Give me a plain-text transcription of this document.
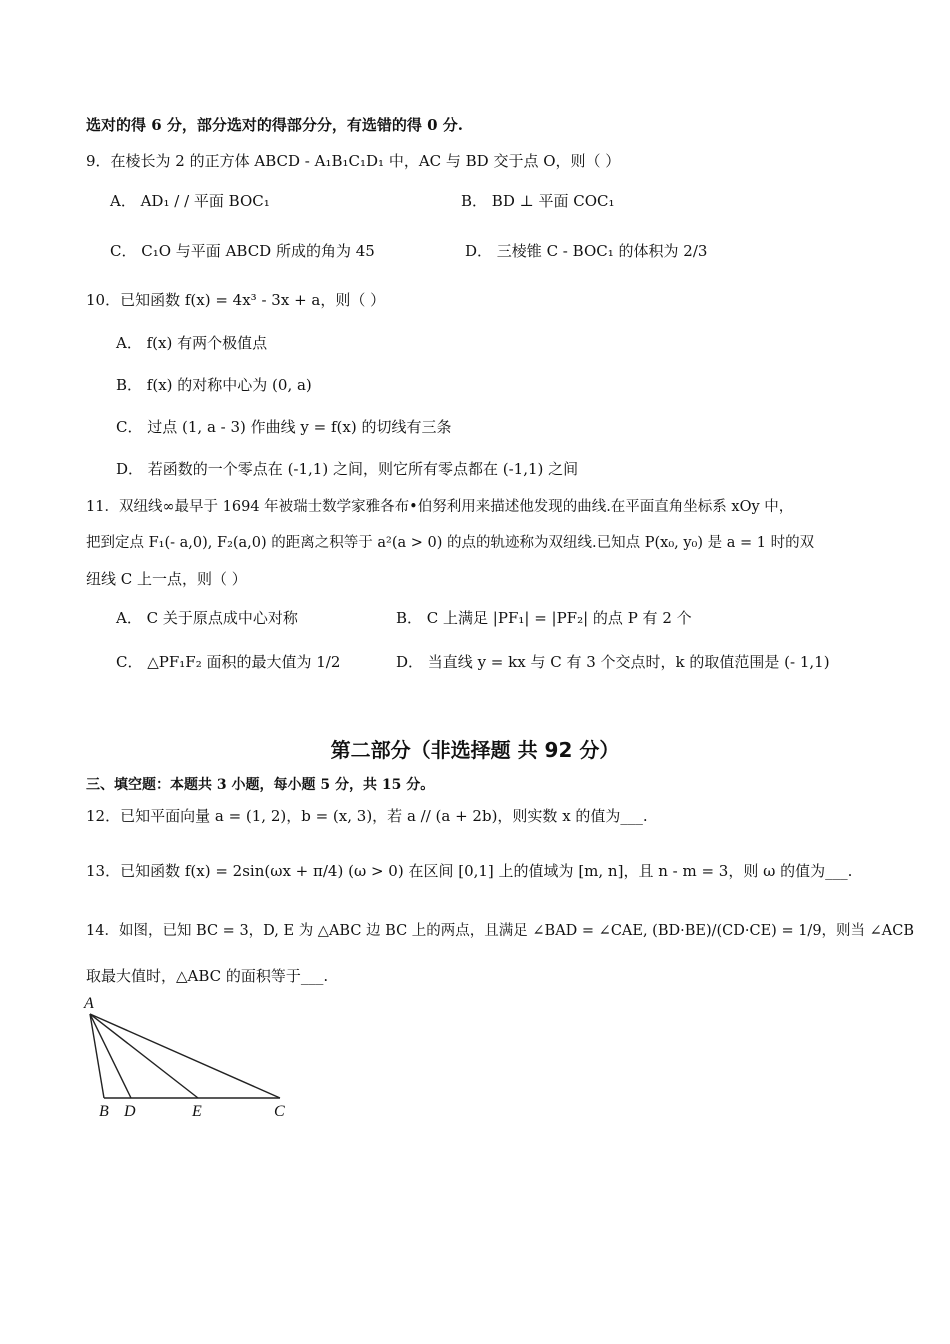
选对的得 6 分，部分选对的得部分分，有选错的得 0 分.
9．在棱长为 2 的正方体 ABCD - A₁B₁C₁D₁ 中，AC 与 BD 交于点 O，则（ ）
A． AD₁ / / 平面 BOC₁	B． BD ⊥ 平面 COC₁
C． C₁O 与平面 ABCD 所成的角为 45	D． 三棱锥 C - BOC₁ 的体积为 2/3
10．已知函数 f(x) = 4x³ - 3x + a，则（ ）
A． f(x) 有两个极值点
B． f(x) 的对称中心为 (0, a)
C． 过点 (1, a - 3) 作曲线 y = f(x) 的切线有三条
D． 若函数的一个零点在 (-1,1) 之间，则它所有零点都在 (-1,1) 之间
11．双纽线∞最早于 1694 年被瑞士数学家雅各布•伯努利用来描述他发现的曲线.在平面直角坐标系 xOy 中，
把到定点 F₁(- a,0), F₂(a,0) 的距离之积等于 a²(a > 0) 的点的轨迹称为双纽线.已知点 P(x₀, y₀) 是 a = 1 时的双
纽线 C 上一点，则（ ）
A． C 关于原点成中心对称	B． C 上满足 |PF₁| = |PF₂| 的点 P 有 2 个
C． △PF₁F₂ 面积的最大值为 1/2	D． 当直线 y = kx 与 C 有 3 个交点时，k 的取值范围是 (- 1,1)
第二部分（非选择题 共 92 分）
三、填空题：本题共 3 小题，每小题 5 分，共 15 分。
12．已知平面向量 a = (1, 2)，b = (x, 3)，若 a // (a + 2b)，则实数 x 的值为___.
13．已知函数 f(x) = 2sin(ωx + π/4) (ω > 0) 在区间 [0,1] 上的值域为 [m, n]，且 n - m = 3，则 ω 的值为___.
14．如图，已知 BC = 3，D, E 为 △ABC 边 BC 上的两点，且满足 ∠BAD = ∠CAE, (BD·BE)/(CD·CE) = 1/9，则当 ∠ACB
取最大值时，△ABC 的面积等于___.
A
B D	E	C
